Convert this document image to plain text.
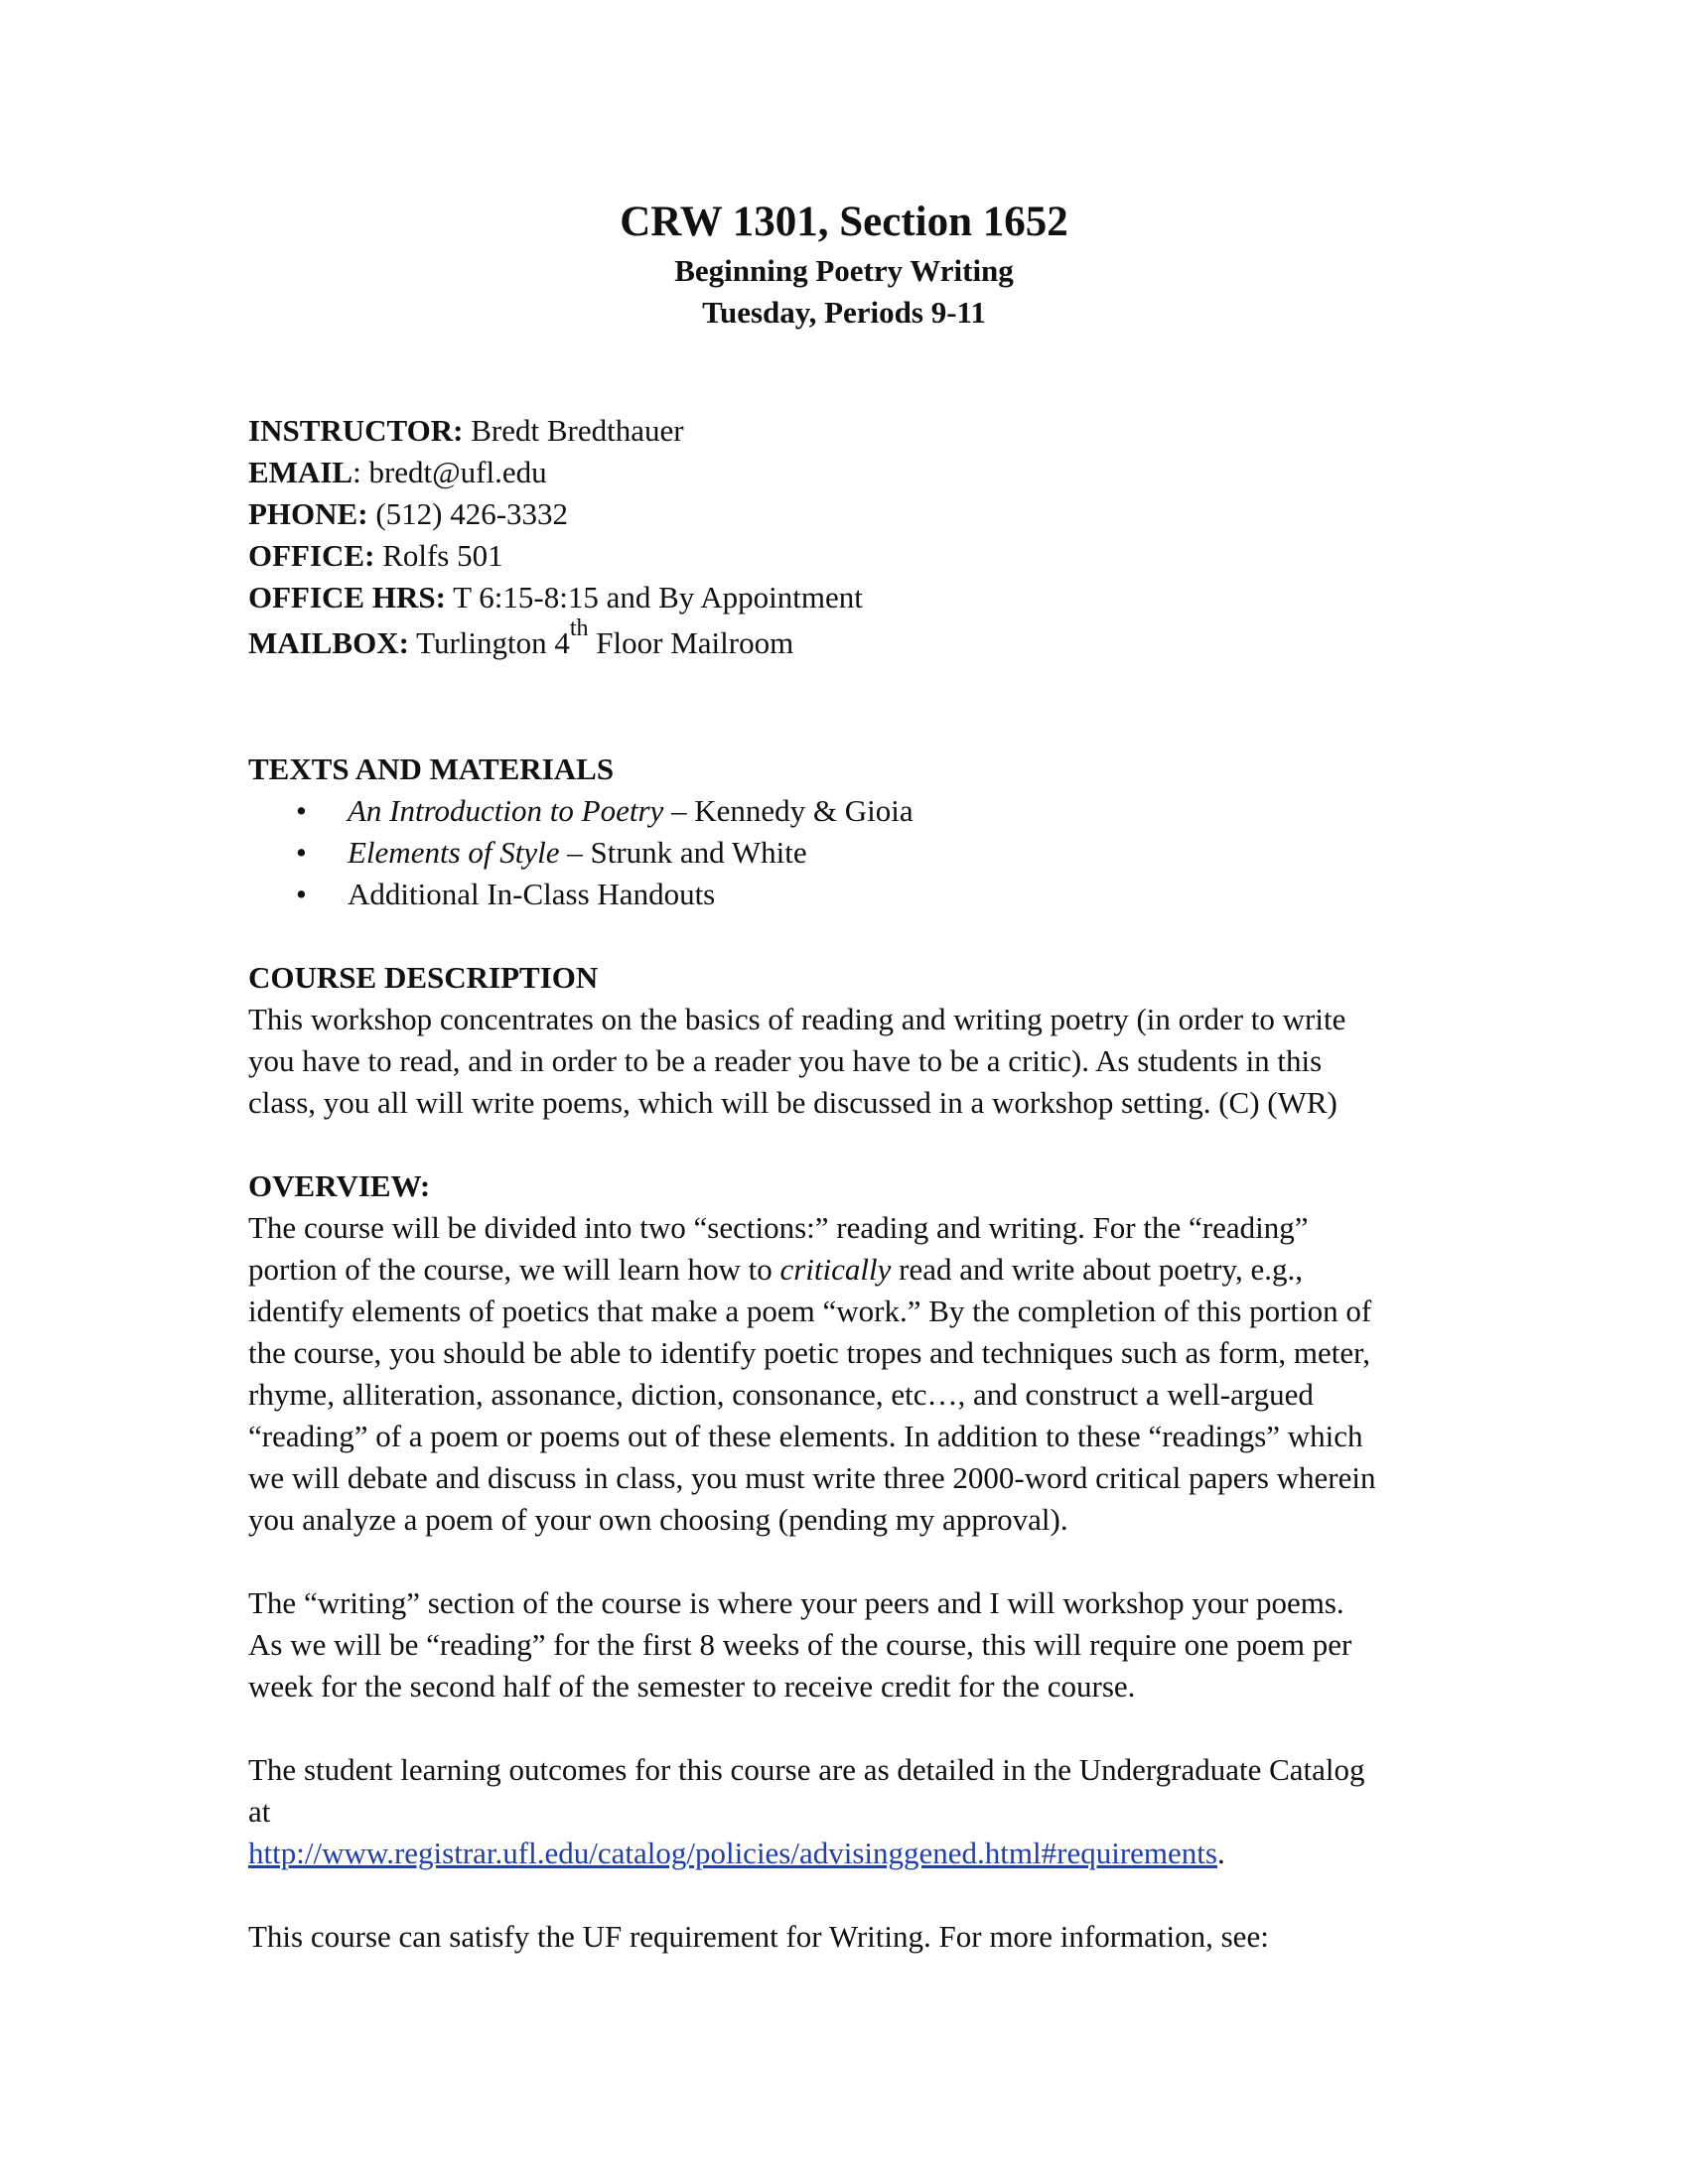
CRW 1301, Section 1652
Beginning Poetry Writing
Tuesday, Periods 9-11
INSTRUCTOR: Bredt Bredthauer
EMAIL: bredt@ufl.edu
PHONE: (512) 426-3332
OFFICE: Rolfs 501
OFFICE HRS: T 6:15-8:15 and By Appointment
MAILBOX: Turlington 4th Floor Mailroom
TEXTS AND MATERIALS
• An Introduction to Poetry – Kennedy & Gioia
• Elements of Style – Strunk and White
• Additional In-Class Handouts
COURSE DESCRIPTION
This workshop concentrates on the basics of reading and writing poetry (in order to write
you have to read, and in order to be a reader you have to be a critic). As students in this
class, you all will write poems, which will be discussed in a workshop setting. (C) (WR)
OVERVIEW:
The course will be divided into two “sections:” reading and writing. For the “reading”
portion of the course, we will learn how to critically read and write about poetry, e.g.,
identify elements of poetics that make a poem “work.” By the completion of this portion of
the course, you should be able to identify poetic tropes and techniques such as form, meter,
rhyme, alliteration, assonance, diction, consonance, etc…, and construct a well-argued
“reading” of a poem or poems out of these elements. In addition to these “readings” which
we will debate and discuss in class, you must write three 2000-word critical papers wherein
you analyze a poem of your own choosing (pending my approval).
The “writing” section of the course is where your peers and I will workshop your poems.
As we will be “reading” for the first 8 weeks of the course, this will require one poem per
week for the second half of the semester to receive credit for the course.
The student learning outcomes for this course are as detailed in the Undergraduate Catalog
at
http://www.registrar.ufl.edu/catalog/policies/advisinggened.html#requirements.
This course can satisfy the UF requirement for Writing. For more information, see:
